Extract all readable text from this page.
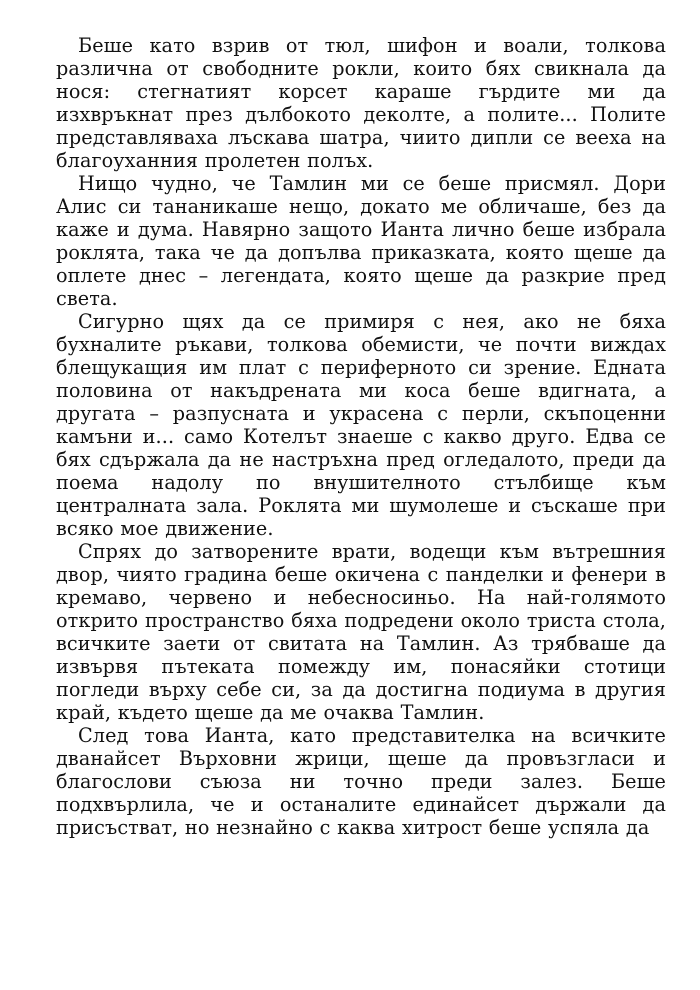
Беше като взрив от тюл, шифон и воали, толкова различна от свободните рокли, които бях свикнала да нося: стегнатият корсет караше гърдите ми да изхвръкнат през дълбокото деколте, а полите... Полите представляваха лъскава шатра, чиито дипли се вееха на благоуханния пролетен полъх.

Нищо чудно, че Тамлин ми се беше присмял. Дори Алис си тананикаше нещо, докато ме обличаше, без да каже и дума. Навярно защото Ианта лично беше избрала роклята, така че да допълва приказката, която щеше да оплете днес – легендата, която щеше да разкрие пред света.

Сигурно щях да се примиря с нея, ако не бяха бухналите ръкави, толкова обемисти, че почти виждах блещукащия им плат с периферното си зрение. Едната половина от накъдрената ми коса беше вдигната, а другата – разпусната и украсена с перли, скъпоценни камъни и... само Котелът знаеше с какво друго. Едва се бях сдържала да не настръхна пред огледалото, преди да поема надолу по внушителното стълбище към централната зала. Роклята ми шумолеше и съскаше при всяко мое движение.

Спрях до затворените врати, водещи към вътрешния двор, чиято градина беше окичена с панделки и фенери в кремаво, червено и небесносиньо. На най-голямото открито пространство бяха подредени около триста стола, всичките заети от свитата на Тамлин. Аз трябваше да извървя пътеката помежду им, понасяйки стотици погледи върху себе си, за да достигна подиума в другия край, където щеше да ме очаква Тамлин.

След това Ианта, като представителка на всичките дванайсет Върховни жрици, щеше да провъзгласи и благослови съюза ни точно преди залез. Беше подхвърлила, че и останалите единайсет държали да присъстват, но незнайно с каква хитрост беше успяла да
